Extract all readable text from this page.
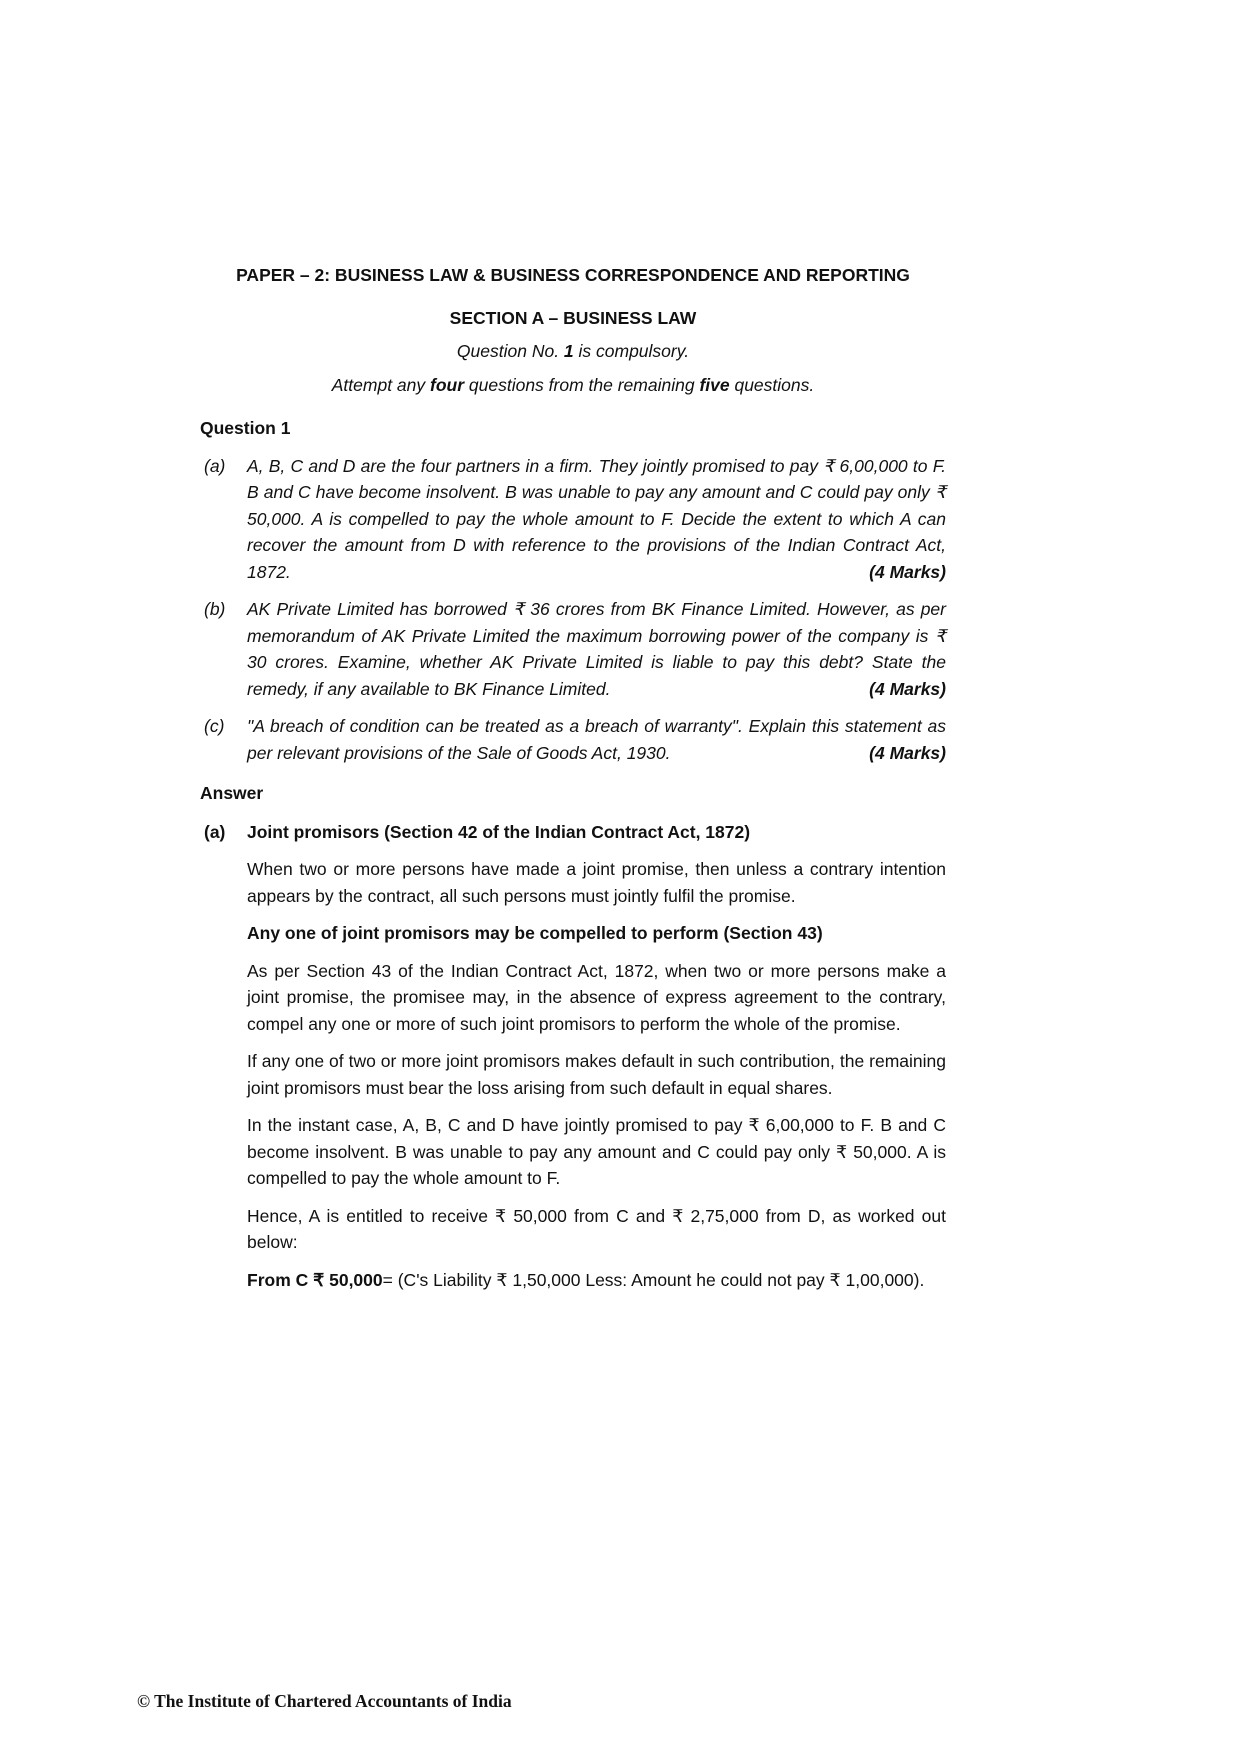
PAPER – 2: BUSINESS LAW & BUSINESS CORRESPONDENCE AND REPORTING

SECTION A – BUSINESS LAW

Question No. 1 is compulsory.

Attempt any four questions from the remaining five questions.

Question 1

(a) A, B, C and D are the four partners in a firm. They jointly promised to pay ₹ 6,00,000 to F. B and C have become insolvent. B was unable to pay any amount and C could pay only ₹ 50,000. A is compelled to pay the whole amount to F. Decide the extent to which A can recover the amount from D with reference to the provisions of the Indian Contract Act, 1872.	(4 Marks)
(b) AK Private Limited has borrowed ₹ 36 crores from BK Finance Limited. However, as per memorandum of AK Private Limited the maximum borrowing power of the company is ₹ 30 crores. Examine, whether AK Private Limited is liable to pay this debt? State the remedy, if any available to BK Finance Limited.	(4 Marks)
(c) "A breach of condition can be treated as a breach of warranty". Explain this statement as per relevant provisions of the Sale of Goods Act, 1930.	(4 Marks)

Answer

(a) Joint promisors (Section 42 of the Indian Contract Act, 1872)

When two or more persons have made a joint promise, then unless a contrary intention appears by the contract, all such persons must jointly fulfil the promise.

Any one of joint promisors may be compelled to perform (Section 43)

As per Section 43 of the Indian Contract Act, 1872, when two or more persons make a joint promise, the promisee may, in the absence of express agreement to the contrary, compel any one or more of such joint promisors to perform the whole of the promise.

If any one of two or more joint promisors makes default in such contribution, the remaining joint promisors must bear the loss arising from such default in equal shares.

In the instant case, A, B, C and D have jointly promised to pay ₹ 6,00,000 to F. B and C become insolvent. B was unable to pay any amount and C could pay only ₹ 50,000. A is compelled to pay the whole amount to F.

Hence, A is entitled to receive ₹ 50,000 from C and ₹ 2,75,000 from D, as worked out below:

From C ₹ 50,000= (C's Liability ₹ 1,50,000 Less: Amount he could not pay ₹ 1,00,000).

© The Institute of Chartered Accountants of India
